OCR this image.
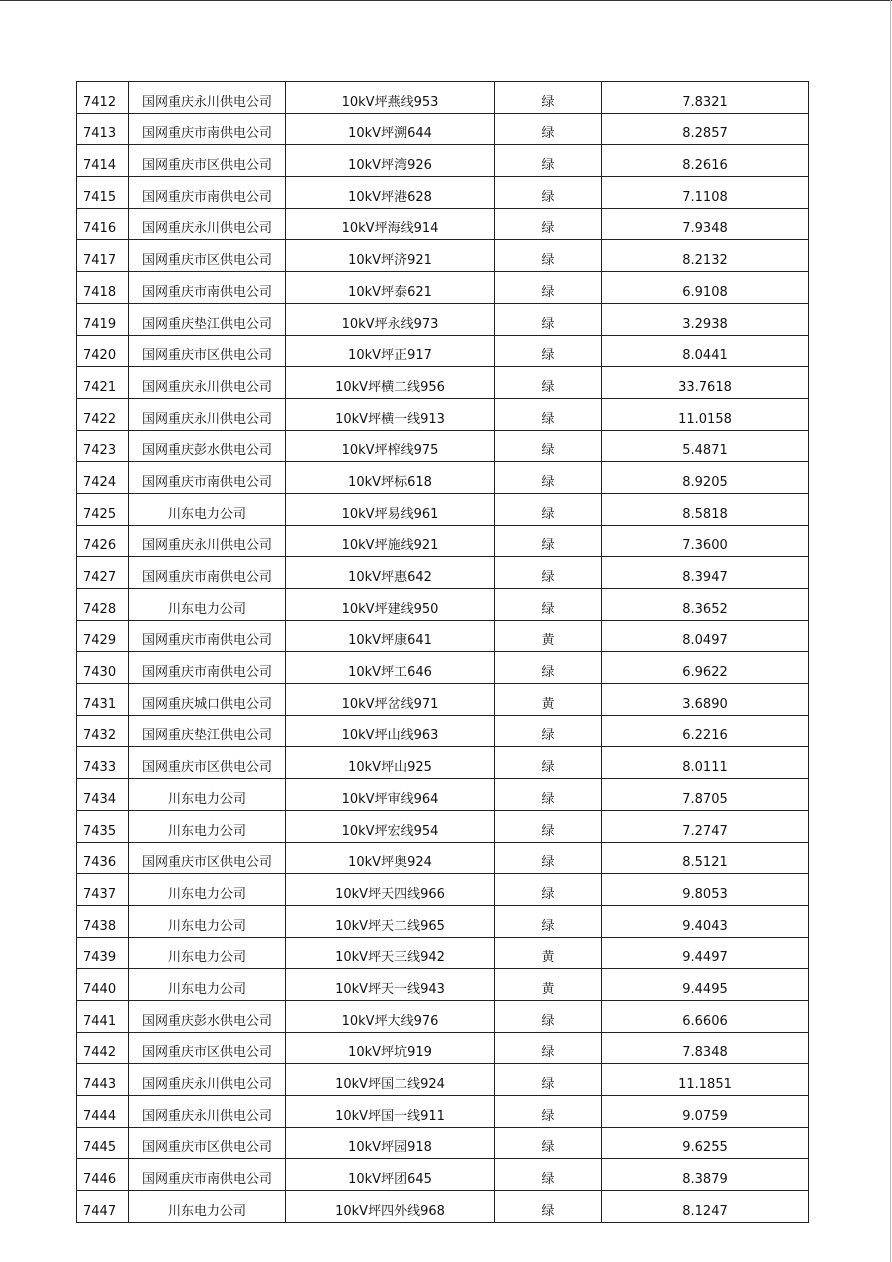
7412	国网重庆永川供电公司	10kV坪燕线953	绿	7.8321
7413	国网重庆市南供电公司	10kV坪溯644	绿	8.2857
7414	国网重庆市区供电公司	10kV坪湾926	绿	8.2616
7415	国网重庆市南供电公司	10kV坪港628	绿	7.1108
7416	国网重庆永川供电公司	10kV坪海线914	绿	7.9348
7417	国网重庆市区供电公司	10kV坪济921	绿	8.2132
7418	国网重庆市南供电公司	10kV坪泰621	绿	6.9108
7419	国网重庆垫江供电公司	10kV坪永线973	绿	3.2938
7420	国网重庆市区供电公司	10kV坪正917	绿	8.0441
7421	国网重庆永川供电公司	10kV坪横二线956	绿	33.7618
7422	国网重庆永川供电公司	10kV坪横一线913	绿	11.0158
7423	国网重庆彭水供电公司	10kV坪榨线975	绿	5.4871
7424	国网重庆市南供电公司	10kV坪标618	绿	8.9205
7425	川东电力公司	10kV坪易线961	绿	8.5818
7426	国网重庆永川供电公司	10kV坪施线921	绿	7.3600
7427	国网重庆市南供电公司	10kV坪惠642	绿	8.3947
7428	川东电力公司	10kV坪建线950	绿	8.3652
7429	国网重庆市南供电公司	10kV坪康641	黄	8.0497
7430	国网重庆市南供电公司	10kV坪工646	绿	6.9622
7431	国网重庆城口供电公司	10kV坪岔线971	黄	3.6890
7432	国网重庆垫江供电公司	10kV坪山线963	绿	6.2216
7433	国网重庆市区供电公司	10kV坪山925	绿	8.0111
7434	川东电力公司	10kV坪审线964	绿	7.8705
7435	川东电力公司	10kV坪宏线954	绿	7.2747
7436	国网重庆市区供电公司	10kV坪奥924	绿	8.5121
7437	川东电力公司	10kV坪天四线966	绿	9.8053
7438	川东电力公司	10kV坪天二线965	绿	9.4043
7439	川东电力公司	10kV坪天三线942	黄	9.4497
7440	川东电力公司	10kV坪天一线943	黄	9.4495
7441	国网重庆彭水供电公司	10kV坪大线976	绿	6.6606
7442	国网重庆市区供电公司	10kV坪坑919	绿	7.8348
7443	国网重庆永川供电公司	10kV坪国二线924	绿	11.1851
7444	国网重庆永川供电公司	10kV坪国一线911	绿	9.0759
7445	国网重庆市区供电公司	10kV坪园918	绿	9.6255
7446	国网重庆市南供电公司	10kV坪团645	绿	8.3879
7447	川东电力公司	10kV坪四外线968	绿	8.1247
